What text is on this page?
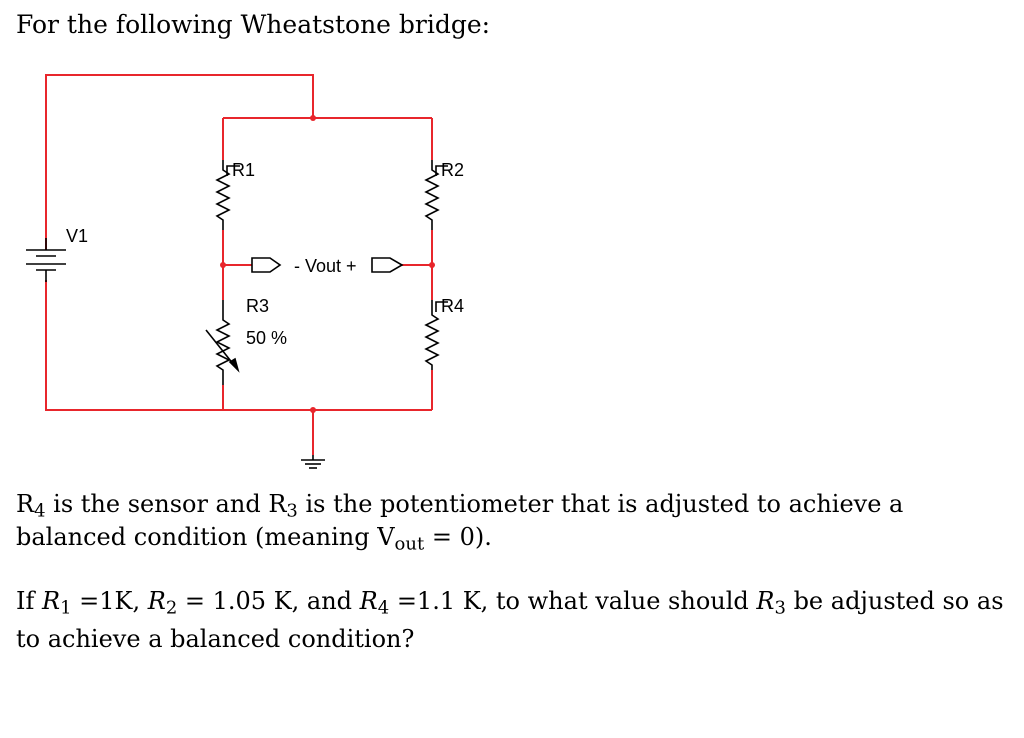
For the following Wheatstone bridge:
V1
R1	R2
R3
50 %
R4
- Vout +
$R_4$ is the sensor and $R_3$ is the potentiometer that is adjusted to achieve a balanced condition (meaning $V_{out} = 0$).
If $R_1 =1K$, $R_2 = 1.05$ K, and $R_4 =1.1$ K, to what value should $R_3$ be adjusted so as to achieve a balanced condition?
